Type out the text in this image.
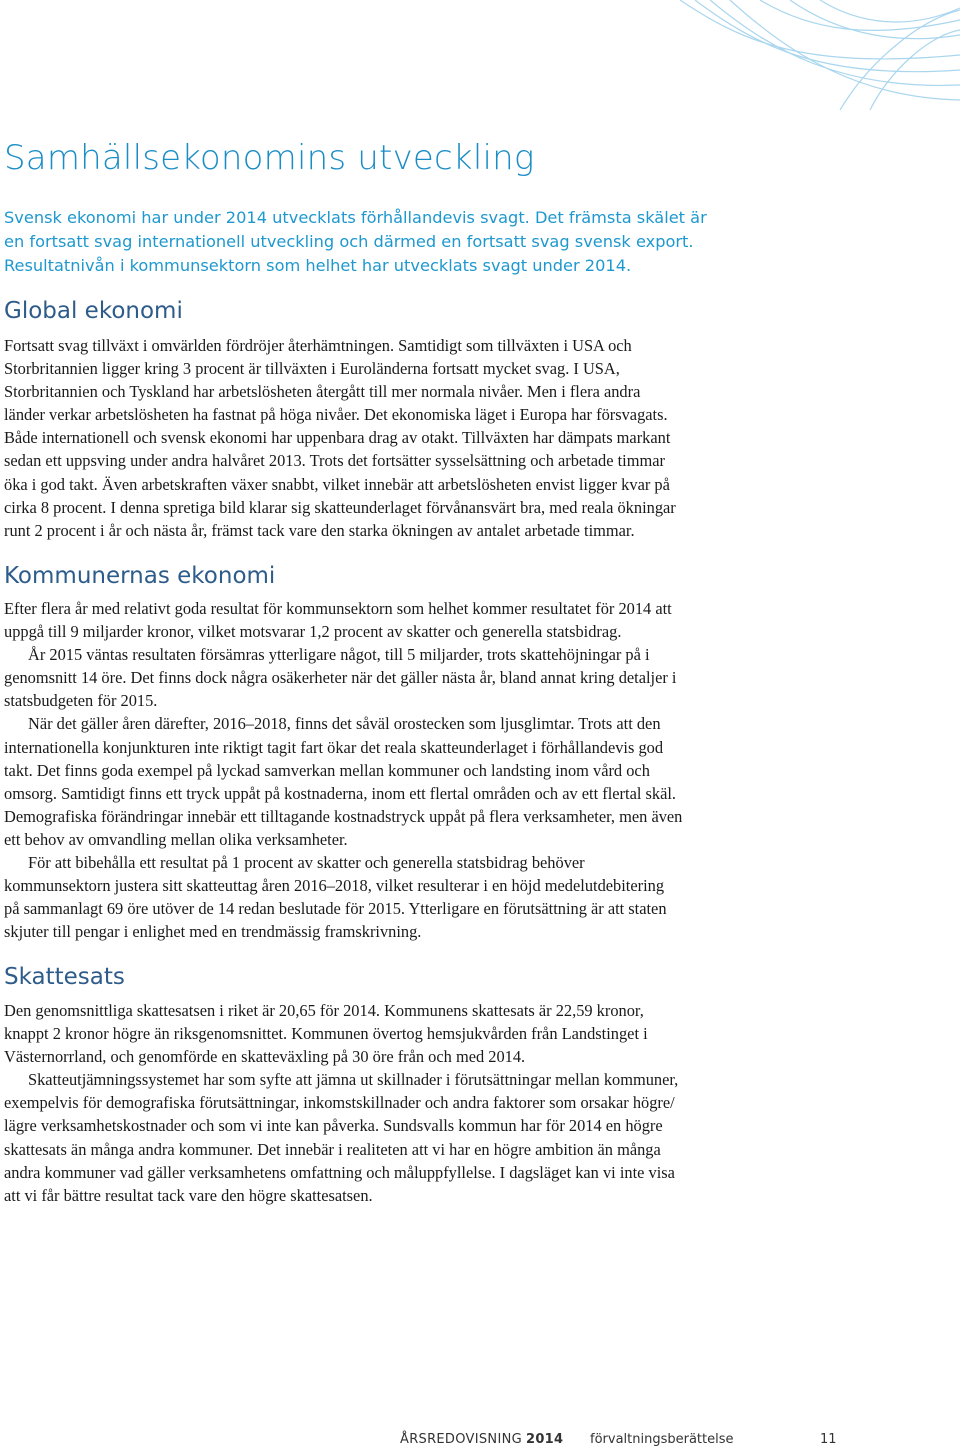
Samhällsekonomins utveckling

Svensk ekonomi har under 2014 utvecklats förhållandevis svagt. Det främsta skälet är
en fortsatt svag internationell utveckling och därmed en fortsatt svag svensk export.
Resultatnivån i kommunsektorn som helhet har utvecklats svagt under 2014.

Global ekonomi
Fortsatt svag tillväxt i omvärlden fördröjer återhämtningen. Samtidigt som tillväxten i USA och
Storbritannien ligger kring 3 procent är tillväxten i Euroländerna fortsatt mycket svag. I USA,
Storbritannien och Tyskland har arbetslösheten återgått till mer normala nivåer. Men i flera andra
länder verkar arbetslösheten ha fastnat på höga nivåer. Det ekonomiska läget i Europa har försvagats.
Både internationell och svensk ekonomi har uppenbara drag av otakt. Tillväxten har dämpats markant
sedan ett uppsving under andra halvåret 2013. Trots det fortsätter sysselsättning och arbetade timmar
öka i god takt. Även arbetskraften växer snabbt, vilket innebär att arbetslösheten envist ligger kvar på
cirka 8 procent. I denna spretiga bild klarar sig skatteunderlaget förvånansvärt bra, med reala ökningar
runt 2 procent i år och nästa år, främst tack vare den starka ökningen av antalet arbetade timmar.
Kommunernas ekonomi
Efter flera år med relativt goda resultat för kommunsektorn som helhet kommer resultatet för 2014 att
uppgå till 9 miljarder kronor, vilket motsvarar 1,2 procent av skatter och generella statsbidrag.
År 2015 väntas resultaten försämras ytterligare något, till 5 miljarder, trots skattehöjningar på i
genomsnitt 14 öre. Det finns dock några osäkerheter när det gäller nästa år, bland annat kring detaljer i
statsbudgeten för 2015.
När det gäller åren därefter, 2016–2018, finns det såväl orostecken som ljusglimtar. Trots att den
internationella konjunkturen inte riktigt tagit fart ökar det reala skatteunderlaget i förhållandevis god
takt. Det finns goda exempel på lyckad samverkan mellan kommuner och landsting inom vård och
omsorg. Samtidigt finns ett tryck uppåt på kostnaderna, inom ett flertal områden och av ett flertal skäl.
Demografiska förändringar innebär ett tilltagande kostnadstryck uppåt på flera verksamheter, men även
ett behov av omvandling mellan olika verksamheter.
För att bibehålla ett resultat på 1 procent av skatter och generella statsbidrag behöver
kommunsektorn justera sitt skatteuttag åren 2016–2018, vilket resulterar i en höjd medelutdebitering
på sammanlagt 69 öre utöver de 14 redan beslutade för 2015. Ytterligare en förutsättning är att staten
skjuter till pengar i enlighet med en trendmässig framskrivning.
Skattesats
Den genomsnittliga skattesatsen i riket är 20,65 för 2014. Kommunens skattesats är 22,59 kronor,
knappt 2 kronor högre än riksgenomsnittet. Kommunen övertog hemsjukvården från Landstinget i
Västernorrland, och genomförde en skatteväxling på 30 öre från och med 2014.
Skatteutjämningssystemet har som syfte att jämna ut skillnader i förutsättningar mellan kommuner,
exempelvis för demografiska förutsättningar, inkomstskillnader och andra faktorer som orsakar högre/
lägre verksamhetskostnader och som vi inte kan påverka. Sundsvalls kommun har för 2014 en högre
skattesats än många andra kommuner. Det innebär i realiteten att vi har en högre ambition än många
andra kommuner vad gäller verksamhetens omfattning och måluppfyllelse. I dagsläget kan vi inte visa
att vi får bättre resultat tack vare den högre skattesatsen.
ÅRSREDOVISNING 2014 förvaltningsberättelse	11
